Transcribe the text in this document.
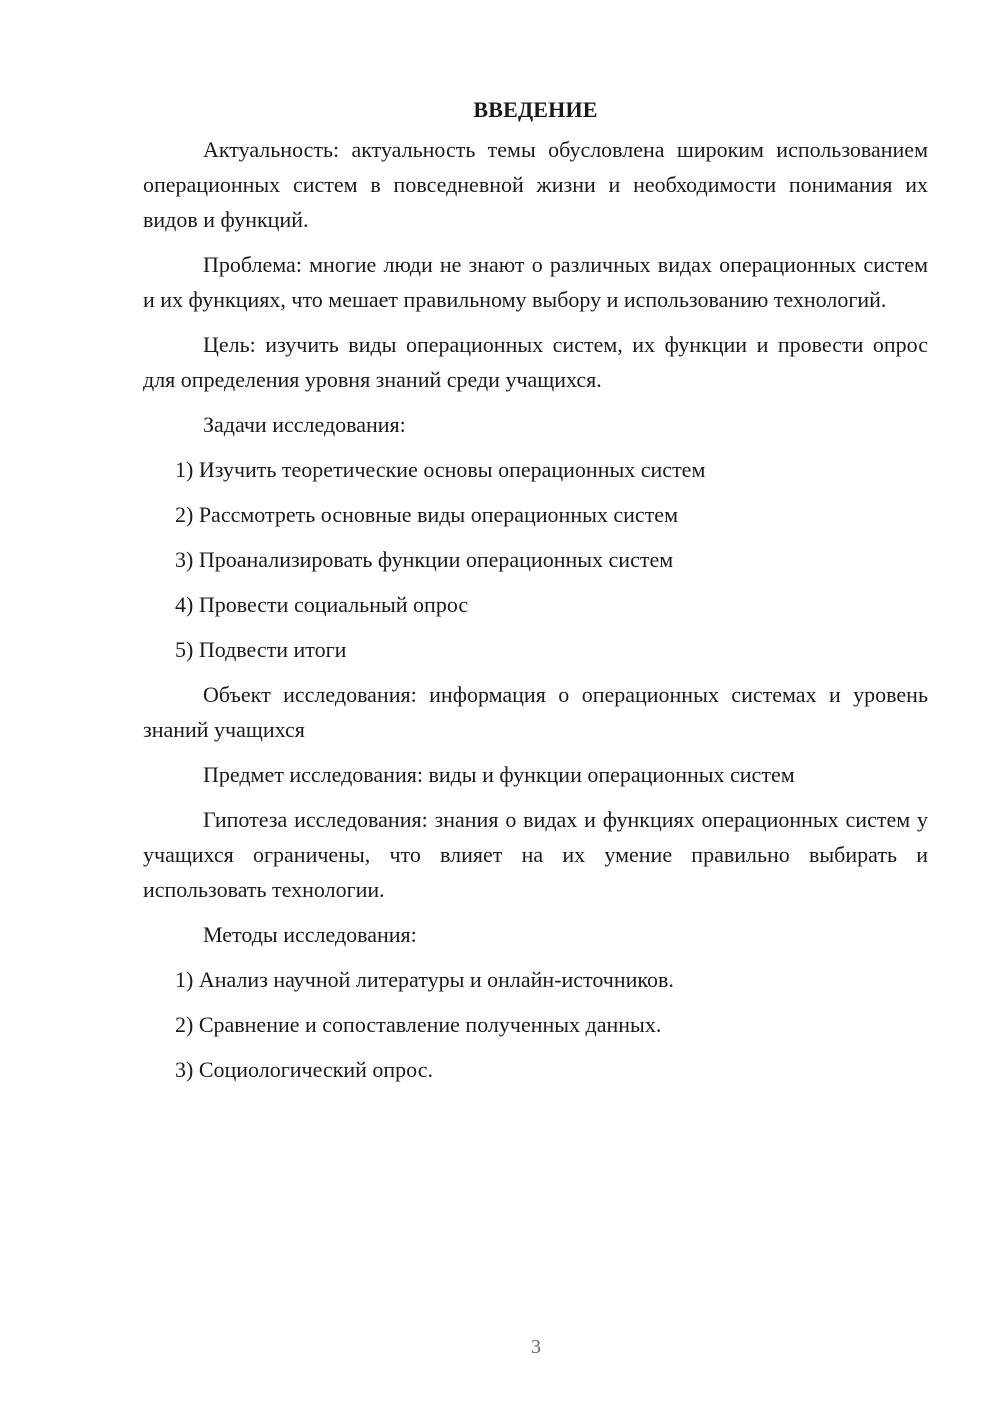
ВВЕДЕНИЕ

Актуальность: актуальность темы обусловлена широким использованием операционных систем в повседневной жизни и необходимости понимания их видов и функций.

Проблема: многие люди не знают о различных видах операционных систем и их функциях, что мешает правильному выбору и использованию технологий.

Цель: изучить виды операционных систем, их функции и провести опрос для определения уровня знаний среди учащихся.

Задачи исследования:

1) Изучить теоретические основы операционных систем
2) Рассмотреть основные виды операционных систем
3) Проанализировать функции операционных систем
4) Провести социальный опрос
5) Подвести итоги

Объект исследования: информация о операционных системах и уровень знаний учащихся

Предмет исследования: виды и функции операционных систем

Гипотеза исследования: знания о видах и функциях операционных систем у учащихся ограничены, что влияет на их умение правильно выбирать и использовать технологии.

Методы исследования:

1) Анализ научной литературы и онлайн-источников.
2) Сравнение и сопоставление полученных данных.
3) Социологический опрос.
3
